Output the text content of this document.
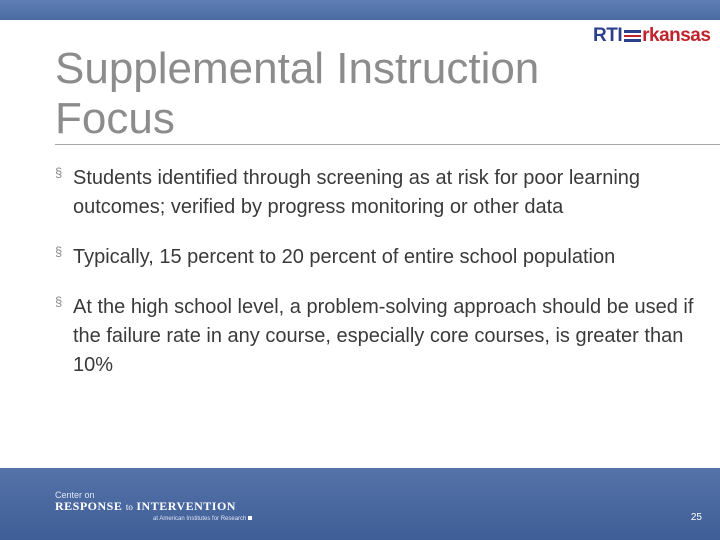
Supplemental Instruction Focus
RTI rkansas
§ Students identified through screening as at risk for poor learning outcomes; verified by progress monitoring or other data
§ Typically, 15 percent to 20 percent of entire school population
§ At the high school level, a problem-solving approach should be used if the failure rate in any course, especially core courses, is greater than 10%
Center on
RESPONSE to INTERVENTION
at American Institutes for Research	25
